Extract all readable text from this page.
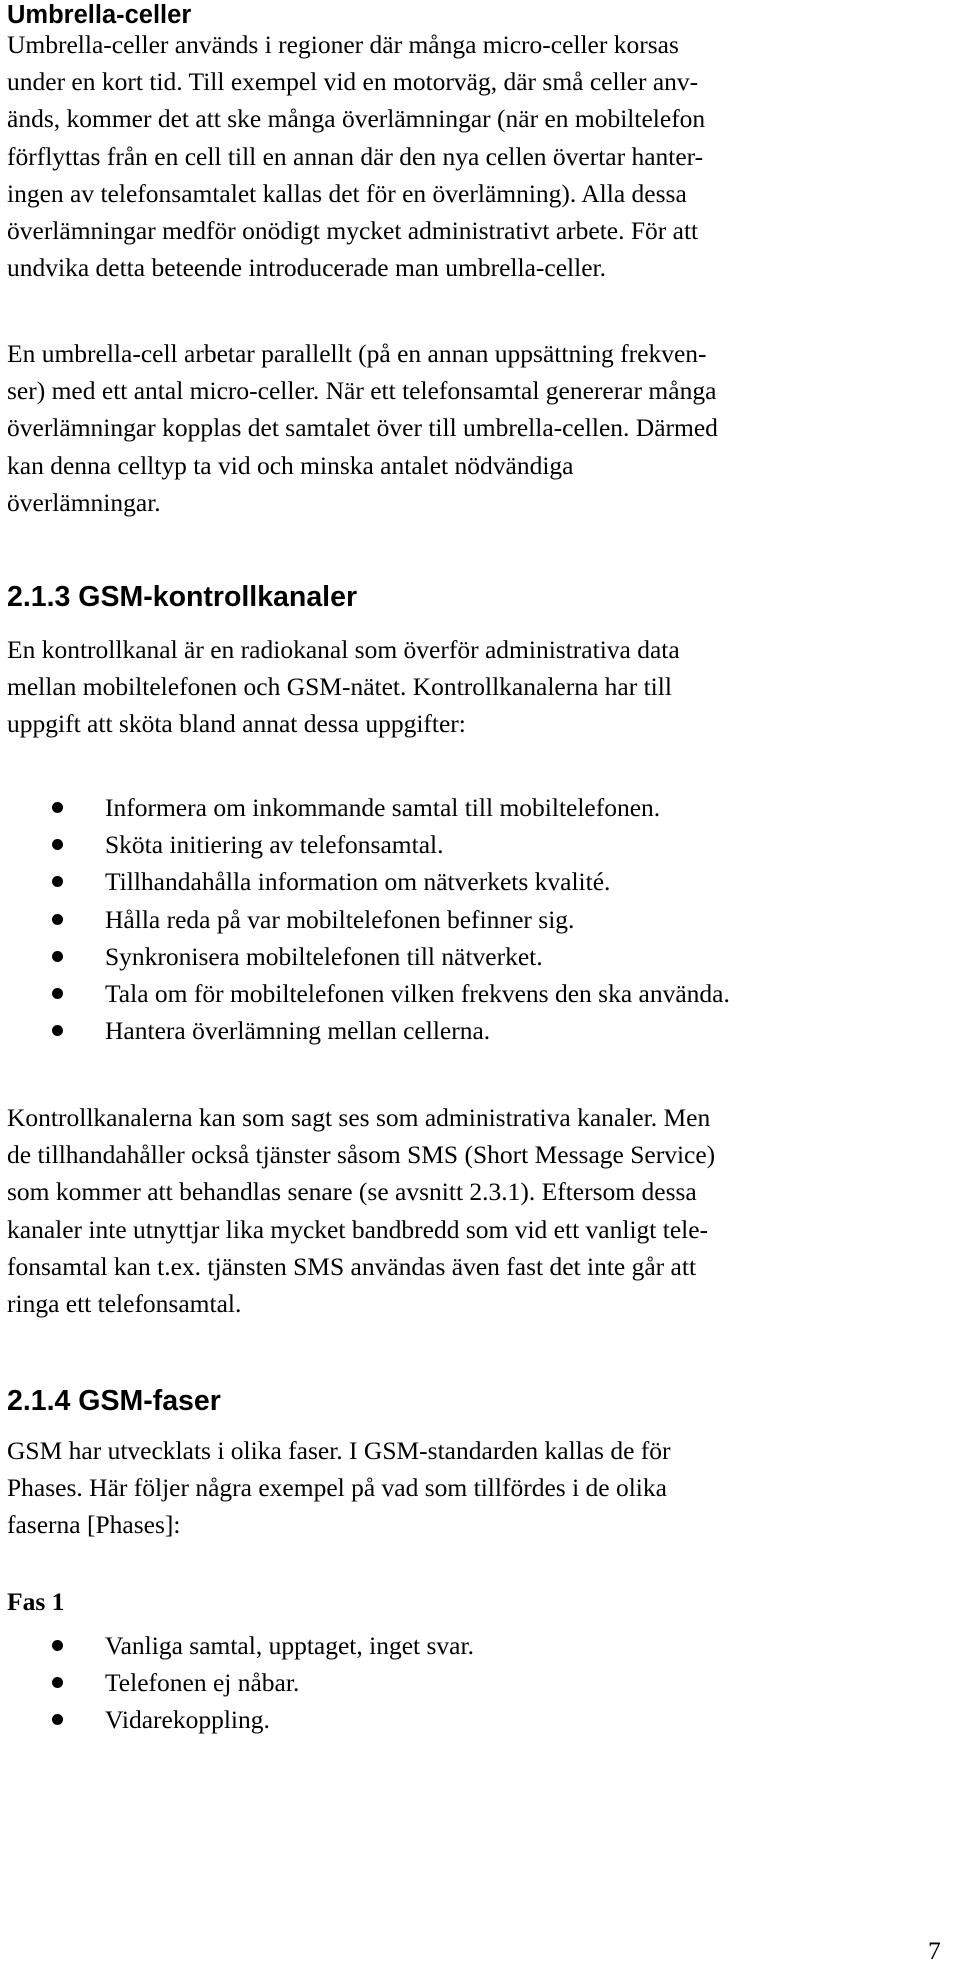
Umbrella-celler
Umbrella-celler används i regioner där många micro-celler korsas
under en kort tid. Till exempel vid en motorväg, där små celler anv-
änds, kommer det att ske många överlämningar (när en mobiltelefon
förflyttas från en cell till en annan där den nya cellen övertar hanter-
ingen av telefonsamtalet kallas det för en överlämning). Alla dessa
överlämningar medför onödigt mycket administrativt arbete. För att
undvika detta beteende introducerade man umbrella-celler.
En umbrella-cell arbetar parallellt (på en annan uppsättning frekven-
ser) med ett antal micro-celler. När ett telefonsamtal genererar många
överlämningar kopplas det samtalet över till umbrella-cellen. Därmed
kan denna celltyp ta vid och minska antalet nödvändiga
överlämningar.
2.1.3 GSM-kontrollkanaler
En kontrollkanal är en radiokanal som överför administrativa data
mellan mobiltelefonen och GSM-nätet. Kontrollkanalerna har till
uppgift att sköta bland annat dessa uppgifter:
Informera om inkommande samtal till mobiltelefonen.
Sköta initiering av telefonsamtal.
Tillhandahålla information om nätverkets kvalité.
Hålla reda på var mobiltelefonen befinner sig.
Synkronisera mobiltelefonen till nätverket.
Tala om för mobiltelefonen vilken frekvens den ska använda.
Hantera överlämning mellan cellerna.
Kontrollkanalerna kan som sagt ses som administrativa kanaler. Men
de tillhandahåller också tjänster såsom SMS (Short Message Service)
som kommer att behandlas senare (se avsnitt 2.3.1). Eftersom dessa
kanaler inte utnyttjar lika mycket bandbredd som vid ett vanligt tele-
fonsamtal kan t.ex. tjänsten SMS användas även fast det inte går att
ringa ett telefonsamtal.
2.1.4 GSM-faser
GSM har utvecklats i olika faser. I GSM-standarden kallas de för
Phases. Här följer några exempel på vad som tillfördes i de olika
faserna [Phases]:
Fas 1
Vanliga samtal, upptaget, inget svar.
Telefonen ej nåbar.
Vidarekoppling.
7
